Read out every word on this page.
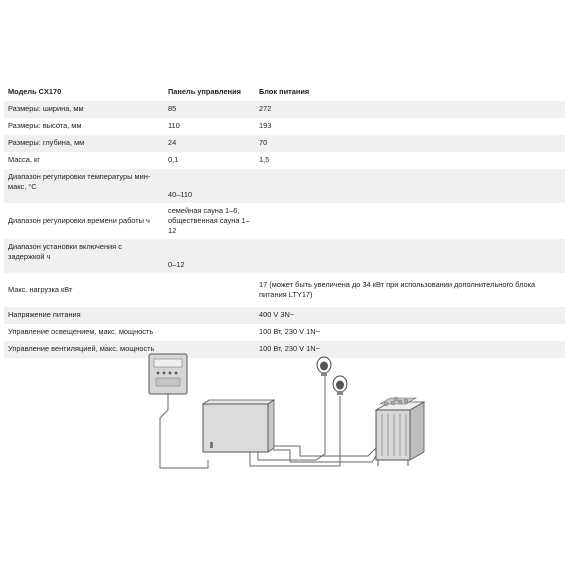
Модель CX170	Панель управления	Блок питания
Размеры: ширина, мм	85	272
Размеры: высота, мм	110	193
Размеры: глубина, мм	24	70
Масса, кг	0,1	1,5
Диапазон регулировки температуры мин-макс, °C	40–110	
Диапазон регулировки времени работы ч	семейная сауна 1–6, общественная сауна 1–12	
Диапазон установки включения с задержкой ч	0–12	
Макс. нагрузка кВт		17 (может быть увеличена до 34 кВт при использовании дополнительного блока питания LTY17)
Напряжение питания		400 V 3N~
Управление освещением, макс. мощность		100 Вт, 230 V 1N~
Управление вентиляцией, макс. мощность		100 Вт, 230 V 1N~
